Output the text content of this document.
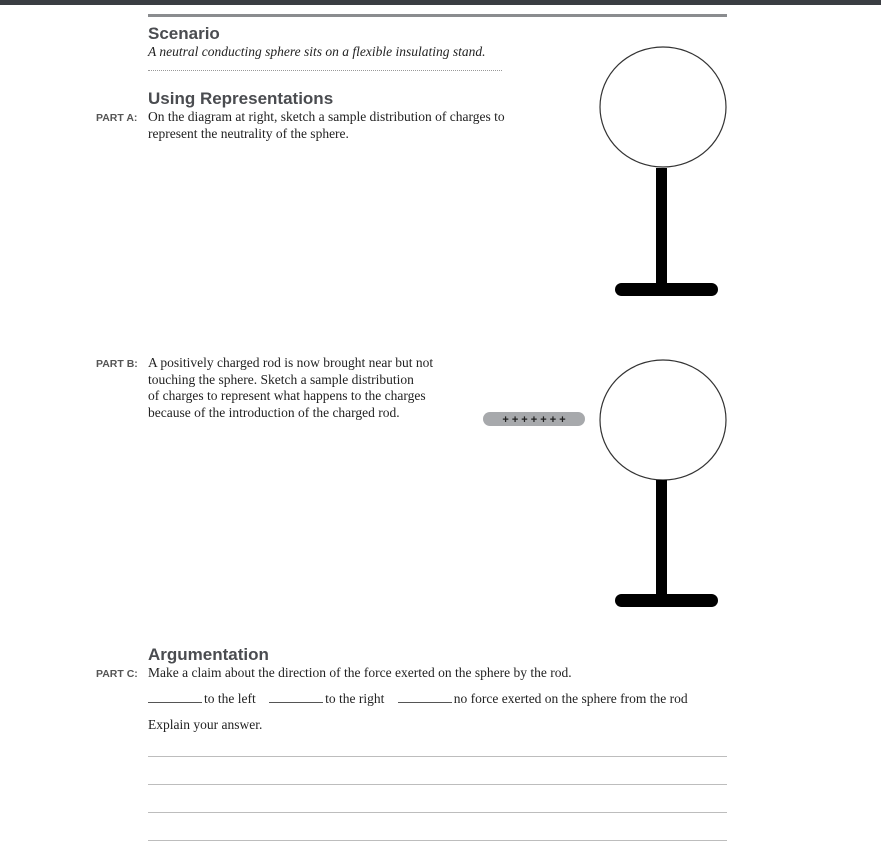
Scenario
A neutral conducting sphere sits on a flexible insulating stand.
Using Representations
PART A: On the diagram at right, sketch a sample distribution of charges to
represent the neutrality of the sphere.
PART B: A positively charged rod is now brought near but not
touching the sphere. Sketch a sample distribution
of charges to represent what happens to the charges
because of the introduction of the charged rod.
+ + + + + + +
Argumentation
PART C: Make a claim about the direction of the force exerted on the sphere by the rod.
to the left	to the right	no force exerted on the sphere from the rod
Explain your answer.
